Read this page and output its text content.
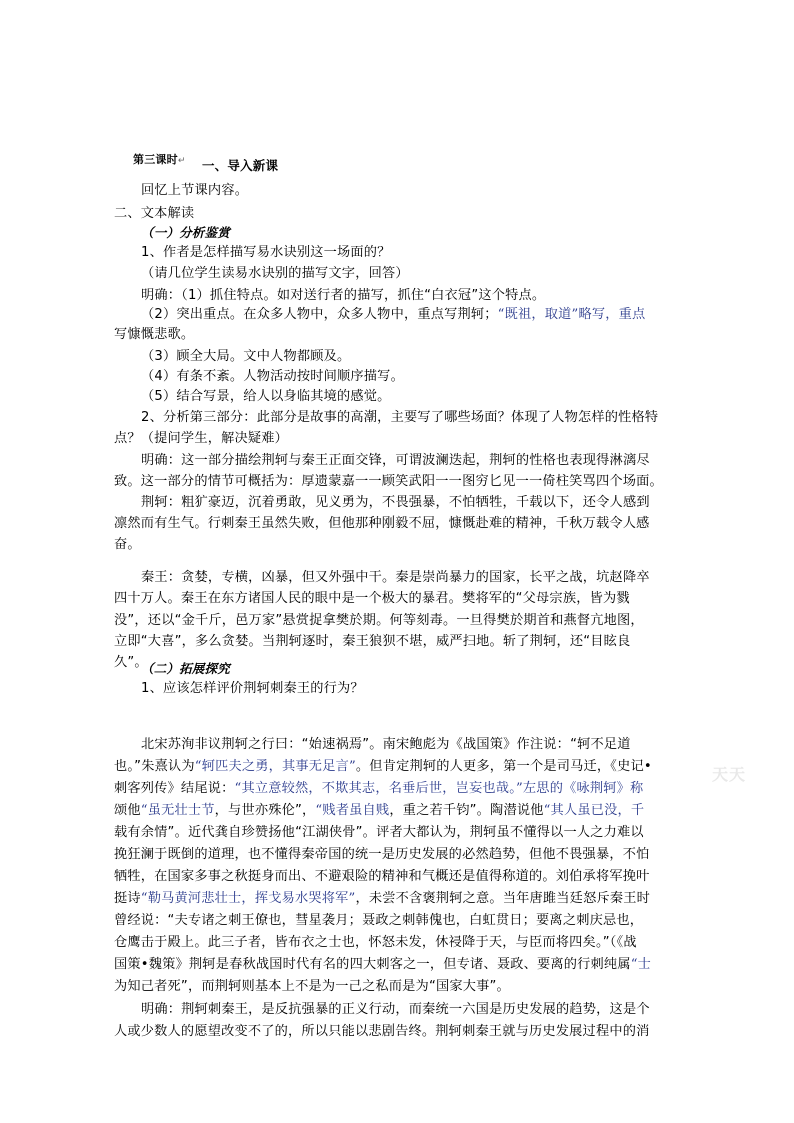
第三课时↵ 一、导入新课
回忆上节课内容。
二、文本解读
（一）分析鉴赏
1、作者是怎样描写易水诀别这一场面的？
（请几位学生读易水诀别的描写文字，回答）
明确：（1）抓住特点。如对送行者的描写，抓住“白衣冠”这个特点。
（2）突出重点。在众多人物中，众多人物中，重点写荆轲；“既祖，取道”略写，重点
写慷慨悲歌。
（3）顾全大局。文中人物都顾及。
（4）有条不紊。人物活动按时间顺序描写。
（5）结合写景，给人以身临其境的感觉。
2、分析第三部分：此部分是故事的高潮，主要写了哪些场面？体现了人物怎样的性格特
点？（提问学生，解决疑难）
明确：这一部分描绘荆轲与秦王正面交锋，可谓波澜迭起，荆轲的性格也表现得淋漓尽
致。这一部分的情节可概括为：厚遗蒙嘉一一顾笑武阳一一图穷匕见一一倚柱笑骂四个场面。
荆轲：粗犷豪迈，沉着勇敢，见义勇为，不畏强暴，不怕牺牲，千载以下，还令人感到
凛然而有生气。行刺秦王虽然失败，但他那种刚毅不屈，慷慨赴难的精神，千秋万载令人感
奋。
秦王：贪婪，专横，凶暴，但又外强中干。秦是崇尚暴力的国家，长平之战，坑赵降卒
四十万人。秦王在东方诸国人民的眼中是一个极大的暴君。樊将军的“父母宗族，皆为戮
没”，还以“金千斤，邑万家”悬赏捉拿樊於期。何等刻毒。一旦得樊於期首和燕督亢地图，
立即“大喜”，多么贪婪。当荆轲逐时，秦王狼狈不堪，威严扫地。斩了荆轲，还“目眩良
久”。
（二）拓展探究
1、应该怎样评价荆轲刺秦王的行为？
北宋苏洵非议荆轲之行曰：“始速祸焉”。南宋鲍彪为《战国策》作注说：“轲不足道
也。”朱熹认为“轲匹夫之勇，其事无足言”。但肯定荆轲的人更多，第一个是司马迁，《史记•
刺客列传》结尾说：“其立意较然，不欺其志，名垂后世，岂妄也哉。”左思的《咏荆轲》称
颂他“虽无壮士节，与世亦殊伦”，“贱者虽自贱，重之若千钧”。陶潜说他“其人虽已没，千
载有余情”。近代龚自珍赞扬他“江湖侠骨”。评者大都认为，荆轲虽不懂得以一人之力难以
挽狂澜于既倒的道理，也不懂得秦帝国的统一是历史发展的必然趋势，但他不畏强暴，不怕
牺牲，在国家多事之秋挺身而出、不避艰险的精神和气概还是值得称道的。刘伯承将军挽叶
挺诗“勒马黄河悲壮士，挥戈易水哭将军”，未尝不含褒荆轲之意。当年唐雎当廷怒斥秦王时
曾经说：“夫专诸之刺王僚也，彗星袭月；聂政之刺韩傀也，白虹贯日；要离之刺庆忌也，
仓鹰击于殿上。此三子者，皆布衣之士也，怀怒未发，休祲降于天，与臣而将四矣。”（《战
国策•魏策》荆轲是春秋战国时代有名的四大刺客之一，但专诸、聂政、要离的行刺纯属“士
为知己者死”，而荆轲则基本上不是为一己之私而是为“国家大事”。
明确：荆轲刺秦王，是反抗强暴的正义行动，而秦统一六国是历史发展的趋势，这是个
人或少数人的愿望改变不了的，所以只能以悲剧告终。荆轲刺秦王就与历史发展过程中的消
天天
